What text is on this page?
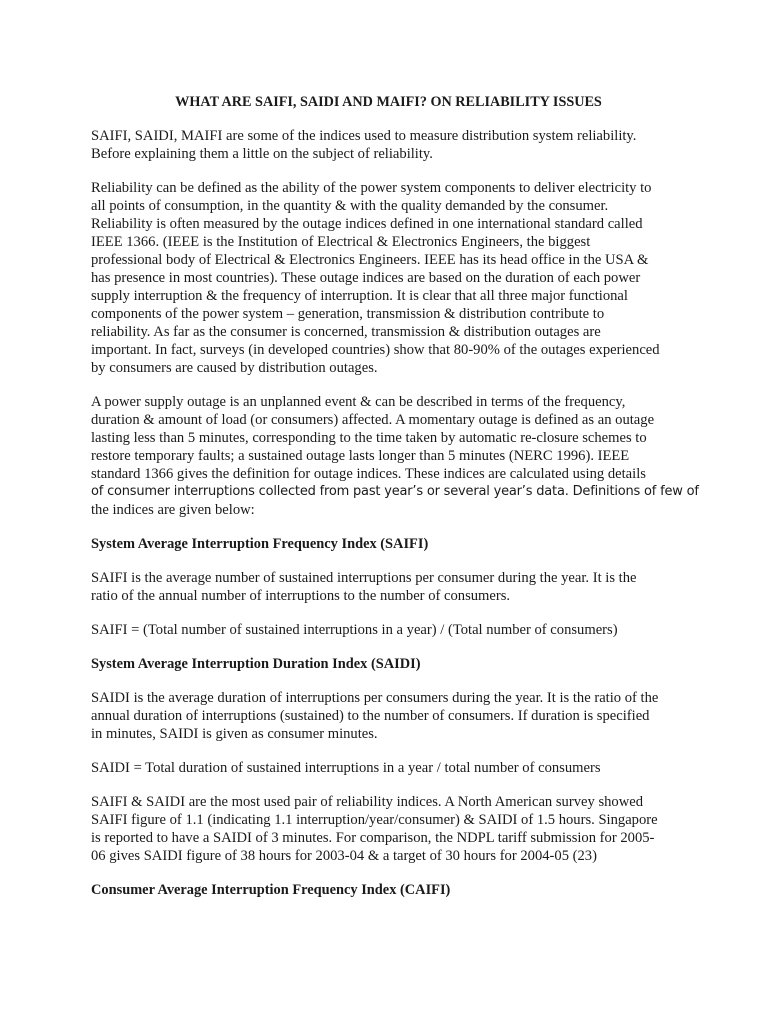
WHAT ARE SAIFI, SAIDI AND MAIFI? ON RELIABILITY ISSUES
SAIFI, SAIDI, MAIFI are some of the indices used to measure distribution system reliability.
Before explaining them a little on the subject of reliability.
Reliability can be defined as the ability of the power system components to deliver electricity to
all points of consumption, in the quantity & with the quality demanded by the consumer.
Reliability is often measured by the outage indices defined in one international standard called
IEEE 1366. (IEEE is the Institution of Electrical & Electronics Engineers, the biggest
professional body of Electrical & Electronics Engineers. IEEE has its head office in the USA &
has presence in most countries). These outage indices are based on the duration of each power
supply interruption & the frequency of interruption. It is clear that all three major functional
components of the power system – generation, transmission & distribution contribute to
reliability. As far as the consumer is concerned, transmission & distribution outages are
important. In fact, surveys (in developed countries) show that 80-90% of the outages experienced
by consumers are caused by distribution outages.
A power supply outage is an unplanned event & can be described in terms of the frequency,
duration & amount of load (or consumers) affected. A momentary outage is defined as an outage
lasting less than 5 minutes, corresponding to the time taken by automatic re-closure schemes to
restore temporary faults; a sustained outage lasts longer than 5 minutes (NERC 1996). IEEE
standard 1366 gives the definition for outage indices. These indices are calculated using details
of consumer interruptions collected from past year’s or several year’s data. Definitions of few of
the indices are given below:
System Average Interruption Frequency Index (SAIFI)
SAIFI is the average number of sustained interruptions per consumer during the year. It is the
ratio of the annual number of interruptions to the number of consumers.
SAIFI = (Total number of sustained interruptions in a year) / (Total number of consumers)
System Average Interruption Duration Index (SAIDI)
SAIDI is the average duration of interruptions per consumers during the year. It is the ratio of the
annual duration of interruptions (sustained) to the number of consumers. If duration is specified
in minutes, SAIDI is given as consumer minutes.
SAIDI = Total duration of sustained interruptions in a year / total number of consumers
SAIFI & SAIDI are the most used pair of reliability indices. A North American survey showed
SAIFI figure of 1.1 (indicating 1.1 interruption/year/consumer) & SAIDI of 1.5 hours. Singapore
is reported to have a SAIDI of 3 minutes. For comparison, the NDPL tariff submission for 2005-
06 gives SAIDI figure of 38 hours for 2003-04 & a target of 30 hours for 2004-05 (23)
Consumer Average Interruption Frequency Index (CAIFI)
